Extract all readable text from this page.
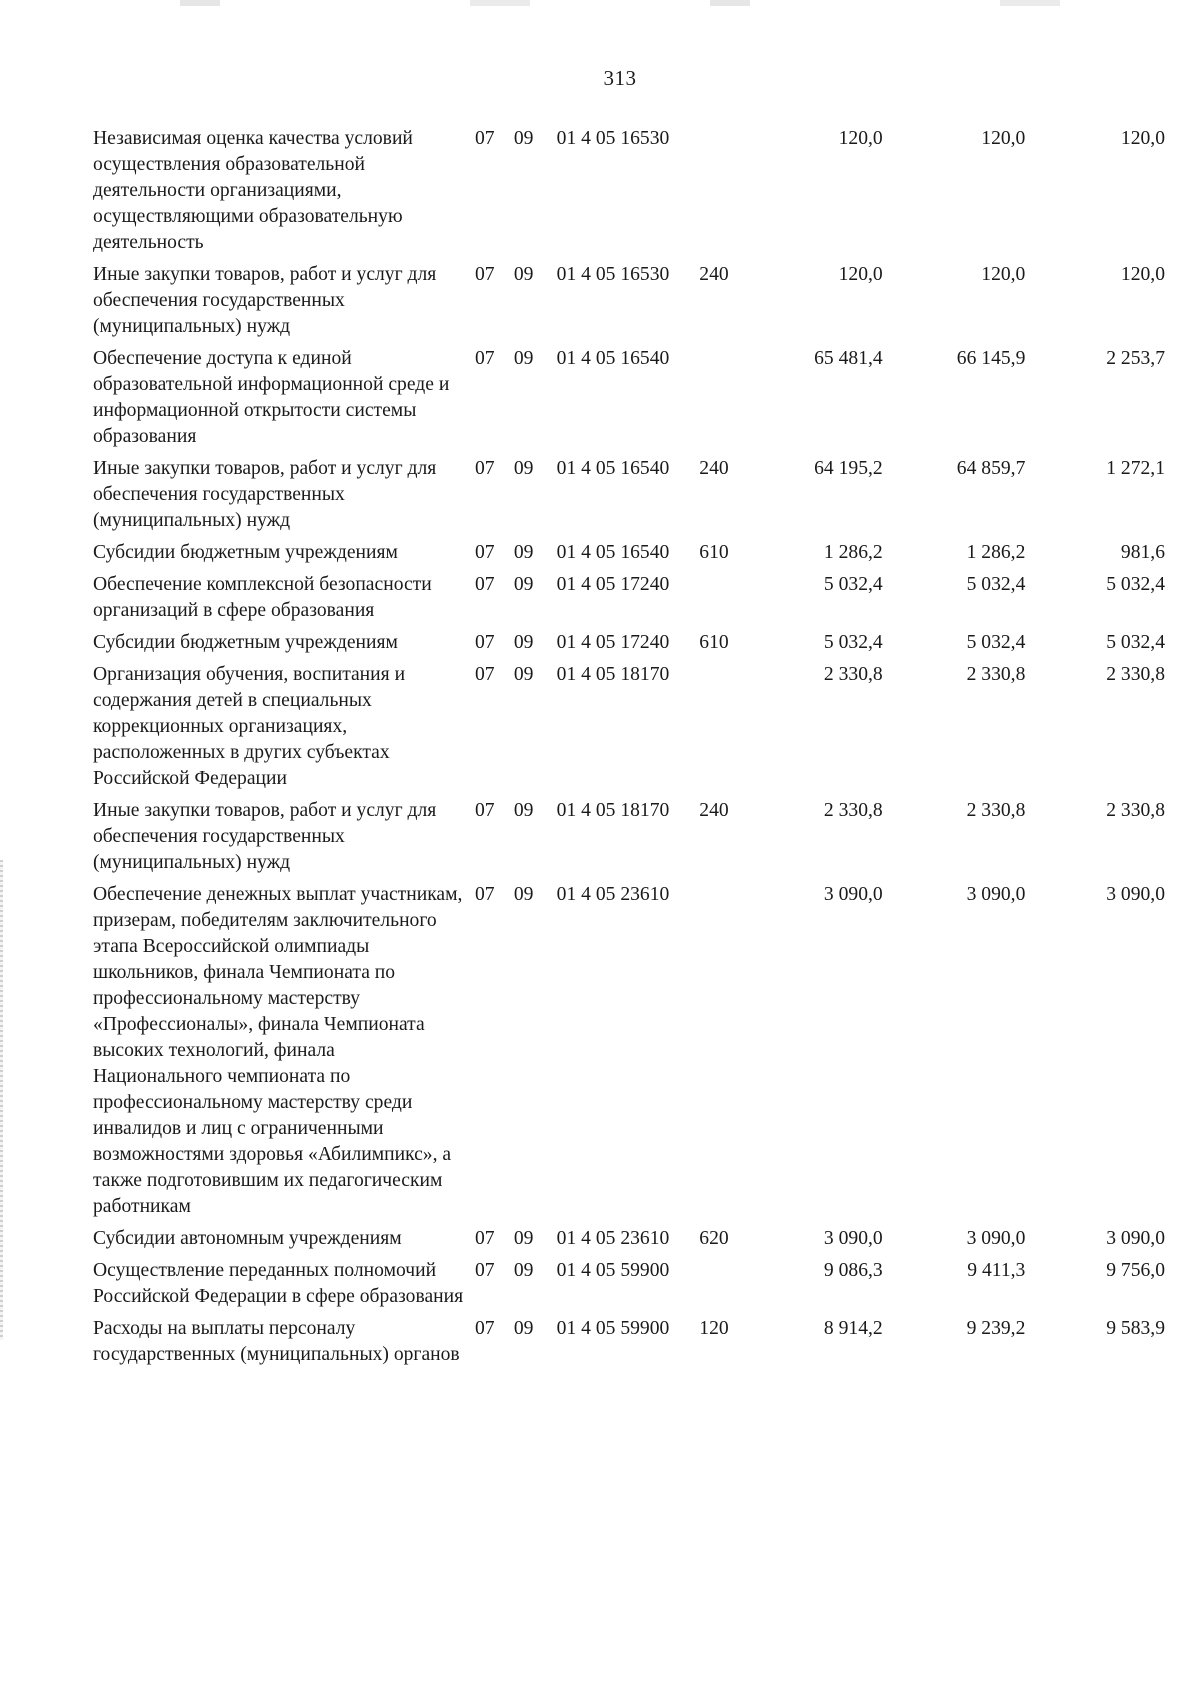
313
Независимая оценка качества условий осуществления образовательной деятельности организациями, осуществляющими образовательную деятельность	07	09	01 4 05 16530		120,0	120,0	120,0
Иные закупки товаров, работ и услуг для обеспечения государственных (муниципальных) нужд	07	09	01 4 05 16530	240	120,0	120,0	120,0
Обеспечение доступа к единой образовательной информационной среде и информационной открытости системы образования	07	09	01 4 05 16540		65 481,4	66 145,9	2 253,7
Иные закупки товаров, работ и услуг для обеспечения государственных (муниципальных) нужд	07	09	01 4 05 16540	240	64 195,2	64 859,7	1 272,1
Субсидии бюджетным учреждениям	07	09	01 4 05 16540	610	1 286,2	1 286,2	981,6
Обеспечение комплексной безопасности организаций в сфере образования	07	09	01 4 05 17240		5 032,4	5 032,4	5 032,4
Субсидии бюджетным учреждениям	07	09	01 4 05 17240	610	5 032,4	5 032,4	5 032,4
Организация обучения, воспитания и содержания детей в специальных коррекционных организациях, расположенных в других субъектах Российской Федерации	07	09	01 4 05 18170		2 330,8	2 330,8	2 330,8
Иные закупки товаров, работ и услуг для обеспечения государственных (муниципальных) нужд	07	09	01 4 05 18170	240	2 330,8	2 330,8	2 330,8
Обеспечение денежных выплат участникам, призерам, победителям заключительного этапа Всероссийской олимпиады школьников, финала Чемпионата по профессиональному мастерству «Профессионалы», финала Чемпионата высоких технологий, финала Национального чемпионата по профессиональному мастерству среди инвалидов и лиц с ограниченными возможностями здоровья «Абилимпикс», а также подготовившим их педагогическим работникам	07	09	01 4 05 23610		3 090,0	3 090,0	3 090,0
Субсидии автономным учреждениям	07	09	01 4 05 23610	620	3 090,0	3 090,0	3 090,0
Осуществление переданных полномочий Российской Федерации в сфере образования	07	09	01 4 05 59900		9 086,3	9 411,3	9 756,0
Расходы на выплаты персоналу государственных (муниципальных) органов	07	09	01 4 05 59900	120	8 914,2	9 239,2	9 583,9
